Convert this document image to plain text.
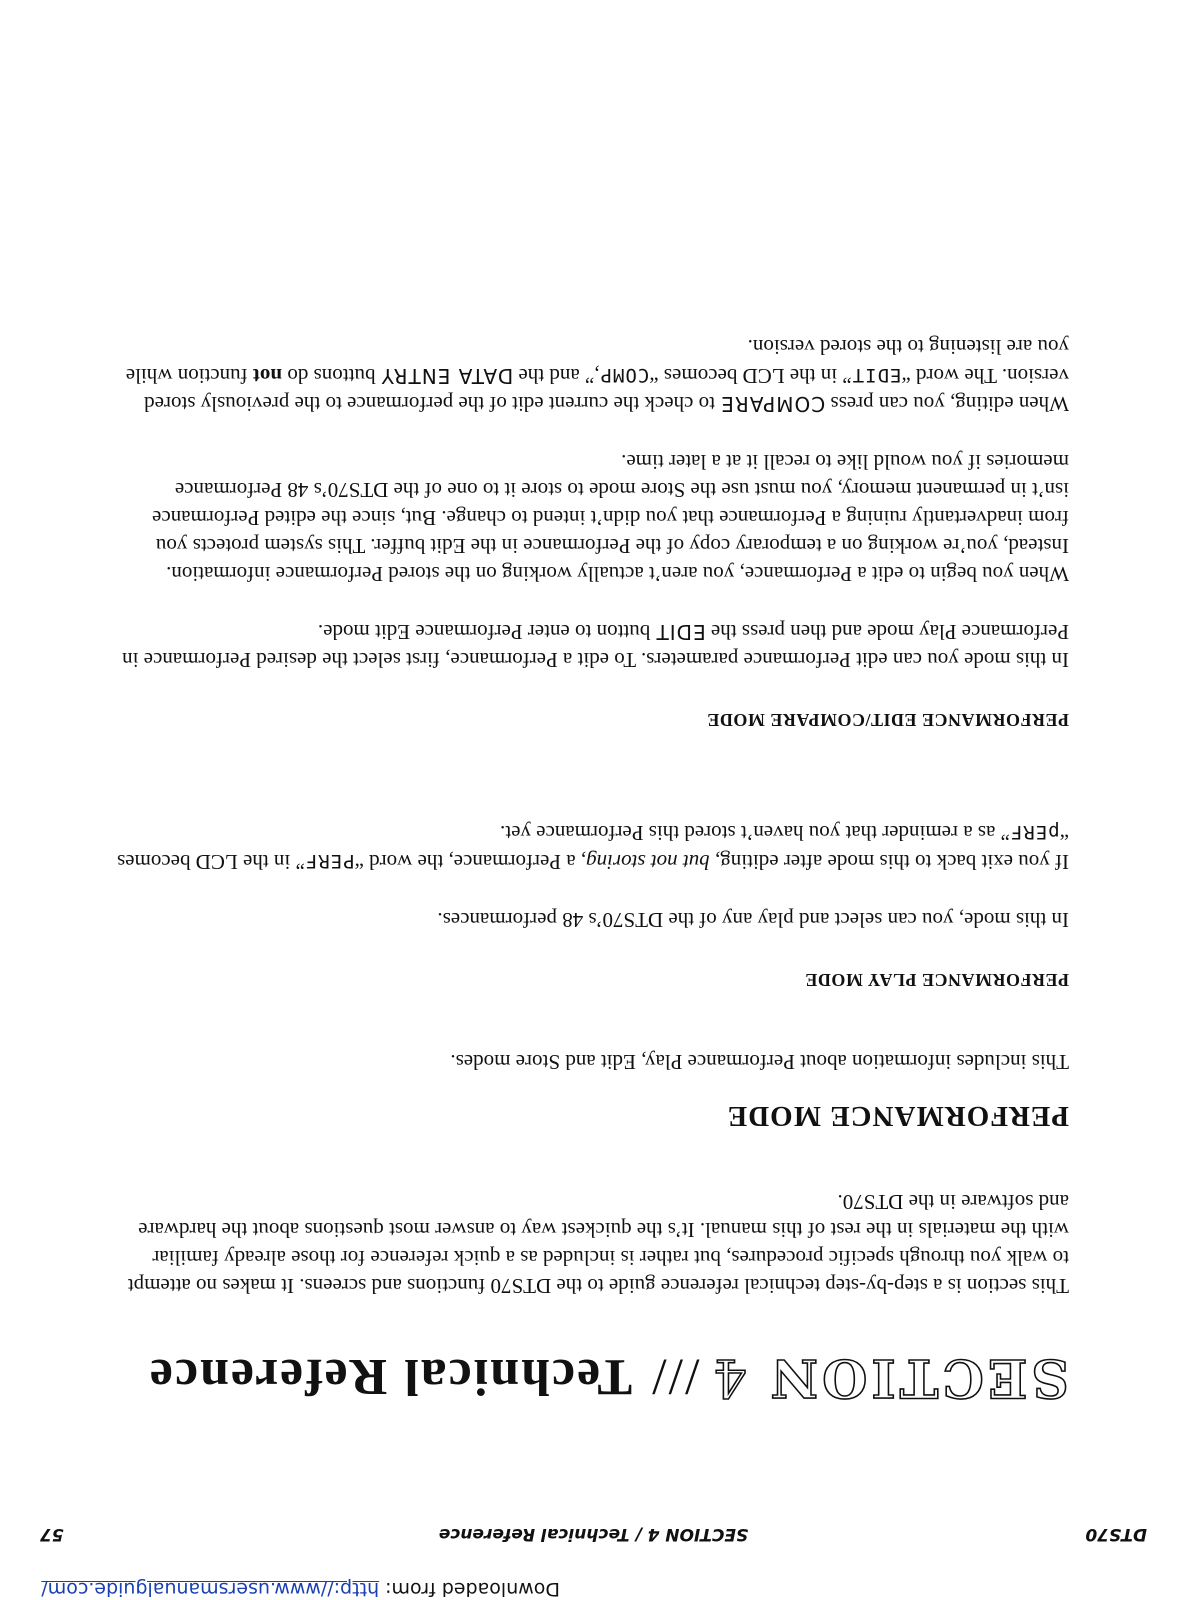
DTS70
SECTION 4 / Technical Reference
57
SECTION4///Technical Reference

This section is a step-by-step technical reference guide to the DTS70 functions and screens. It makes no attempt to walk you through specific procedures, but rather is included as a quick reference for those already familiar with the materials in the rest of this manual. It’s the quickest way to answer most questions about the hardware and software in the DTS70.

PERFORMANCE MODE

This includes information about Performance Play, Edit and Store modes.

PERFORMANCE PLAY MODE

In this mode, you can select and play any of the DTS70’s 48 performances.

If you exit back to this mode after editing, but not storing, a Performance, the word “PERF” in the LCD becomes “pERF” as a reminder that you haven’t stored this Performance yet.

PERFORMANCE EDIT/COMPARE MODE

In this mode you can edit Performance parameters. To edit a Performance, first select the desired Performance in Performance Play mode and then press the EDIT button to enter Performance Edit mode.

When you begin to edit a Performance, you aren’t actually working on the stored Performance information. Instead, you’re working on a temporary copy of the Performance in the Edit buffer. This system protects you from inadvertantly ruining a Performance that you didn’t intend to change. But, since the edited Performance isn’t in permanent memory, you must use the Store mode to store it to one of the DTS70’s 48 Performance memories if you would like to recall it at a later time.

When editing, you can press COMPARE to check the current edit of the performance to the previously stored version. The word “EDIT” in the LCD becomes “COMP,” and the DATA ENTRY buttons do not function while you are listening to the stored version.

Downloaded from: http://www.usersmanualguide.com/
